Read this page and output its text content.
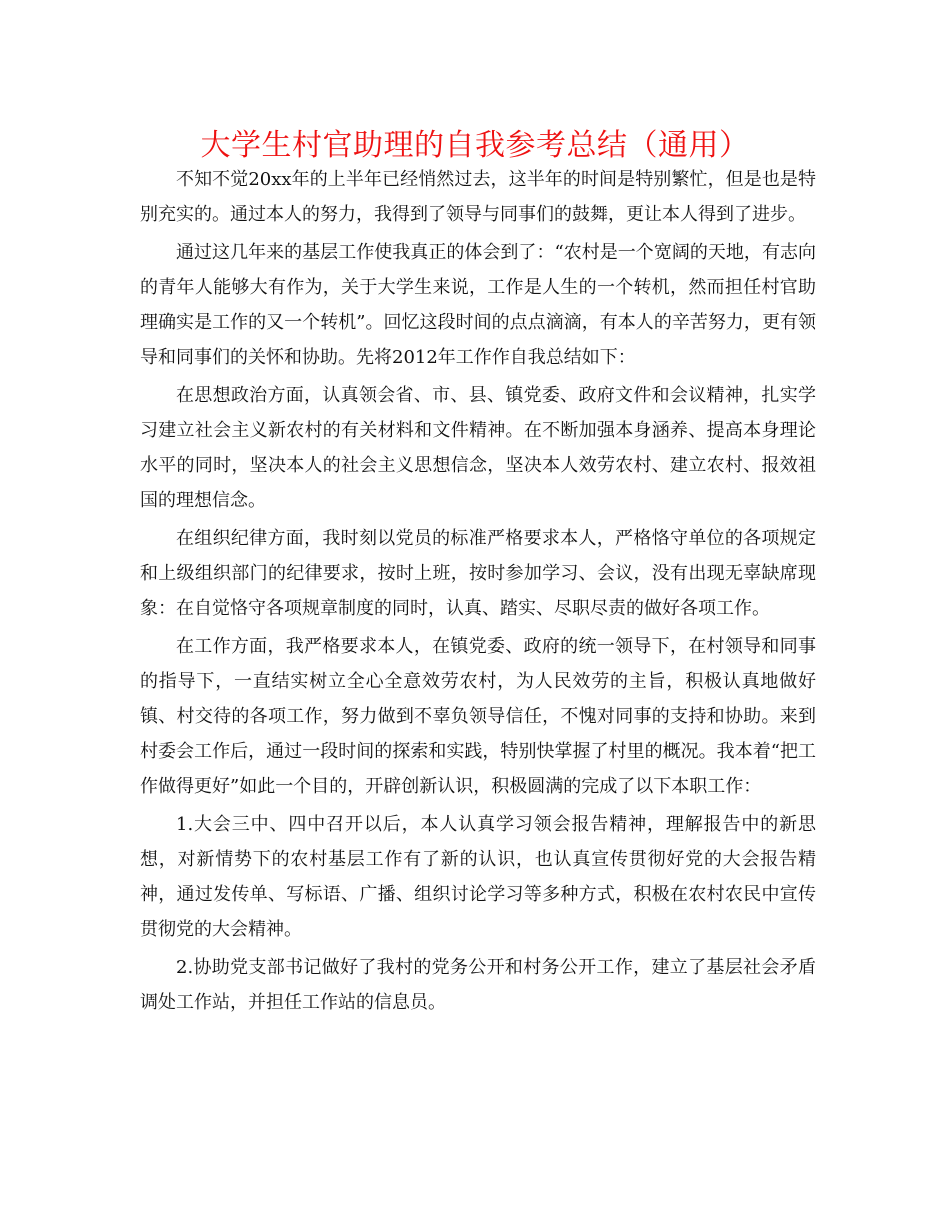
大学生村官助理的自我参考总结（通用）

不知不觉20xx年的上半年已经悄然过去，这半年的时间是特别繁忙，但是也是特别充实的。通过本人的努力，我得到了领导与同事们的鼓舞，更让本人得到了进步。

通过这几年来的基层工作使我真正的体会到了：“农村是一个宽阔的天地，有志向的青年人能够大有作为，关于大学生来说，工作是人生的一个转机，然而担任村官助理确实是工作的又一个转机”。回忆这段时间的点点滴滴，有本人的辛苦努力，更有领导和同事们的关怀和协助。先将2012年工作作自我总结如下：

在思想政治方面，认真领会省、市、县、镇党委、政府文件和会议精神，扎实学习建立社会主义新农村的有关材料和文件精神。在不断加强本身涵养、提高本身理论水平的同时，坚决本人的社会主义思想信念，坚决本人效劳农村、建立农村、报效祖国的理想信念。

在组织纪律方面，我时刻以党员的标准严格要求本人，严格恪守单位的各项规定和上级组织部门的纪律要求，按时上班，按时参加学习、会议，没有出现无辜缺席现象：在自觉恪守各项规章制度的同时，认真、踏实、尽职尽责的做好各项工作。

在工作方面，我严格要求本人，在镇党委、政府的统一领导下，在村领导和同事的指导下，一直结实树立全心全意效劳农村，为人民效劳的主旨，积极认真地做好镇、村交待的各项工作，努力做到不辜负领导信任，不愧对同事的支持和协助。来到村委会工作后，通过一段时间的探索和实践，特别快掌握了村里的概况。我本着“把工作做得更好”如此一个目的，开辟创新认识，积极圆满的完成了以下本职工作：

1.大会三中、四中召开以后，本人认真学习领会报告精神，理解报告中的新思想，对新情势下的农村基层工作有了新的认识，也认真宣传贯彻好党的大会报告精神，通过发传单、写标语、广播、组织讨论学习等多种方式，积极在农村农民中宣传贯彻党的大会精神。

2.协助党支部书记做好了我村的党务公开和村务公开工作，建立了基层社会矛盾调处工作站，并担任工作站的信息员。
